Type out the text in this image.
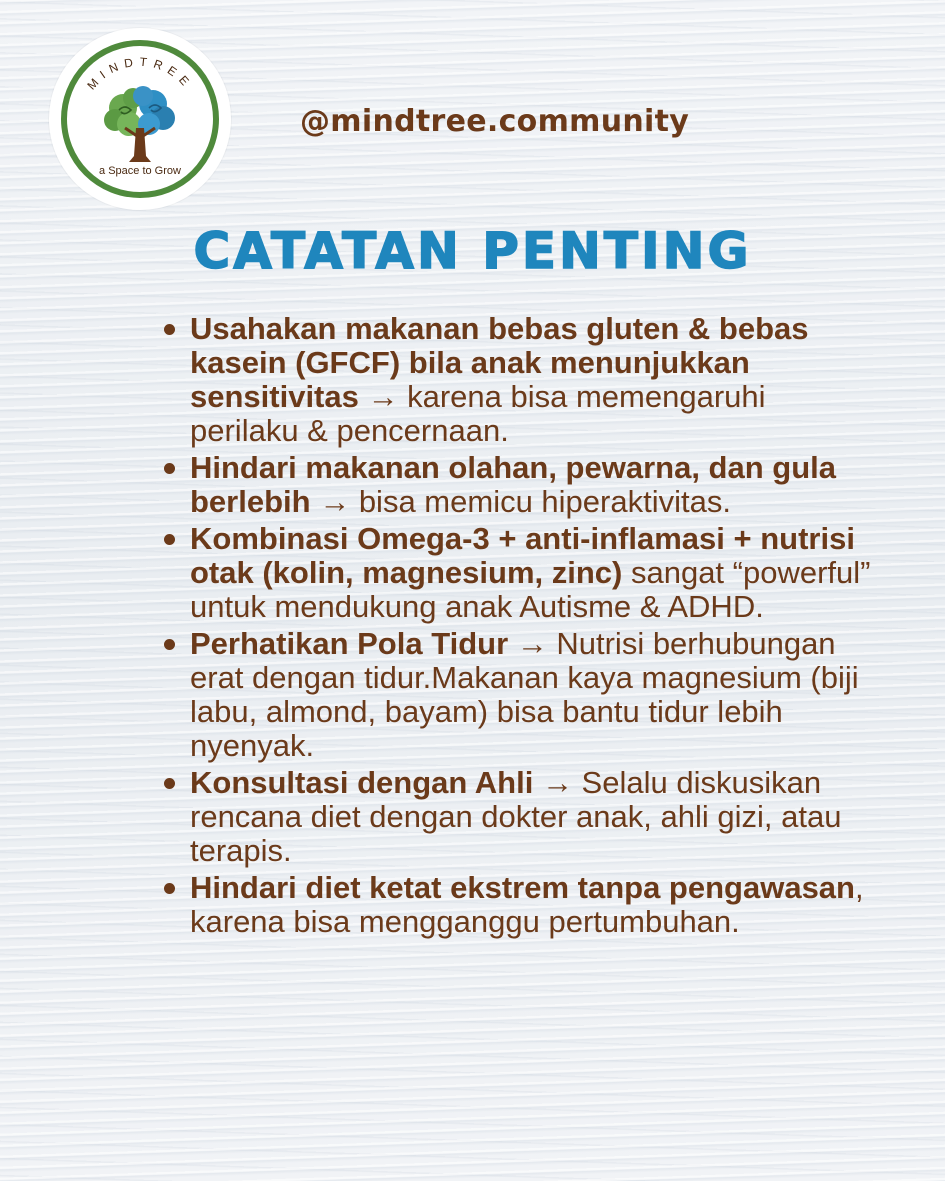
MINDTREE
a Space to Grow
@mindtree.community
CATATAN PENTING
Usahakan makanan bebas gluten & bebas kasein (GFCF) bila anak menunjukkan sensitivitas → karena bisa memengaruhi perilaku & pencernaan.
Hindari makanan olahan, pewarna, dan gula berlebih → bisa memicu hiperaktivitas.
Kombinasi Omega-3 + anti-inflamasi + nutrisi otak (kolin, magnesium, zinc) sangat “powerful” untuk mendukung anak Autisme & ADHD.
Perhatikan Pola Tidur → Nutrisi berhubungan erat dengan tidur.Makanan kaya magnesium (biji labu, almond, bayam) bisa bantu tidur lebih nyenyak.
Konsultasi dengan Ahli → Selalu diskusikan rencana diet dengan dokter anak, ahli gizi, atau terapis.
Hindari diet ketat ekstrem tanpa pengawasan, karena bisa mengganggu pertumbuhan.
